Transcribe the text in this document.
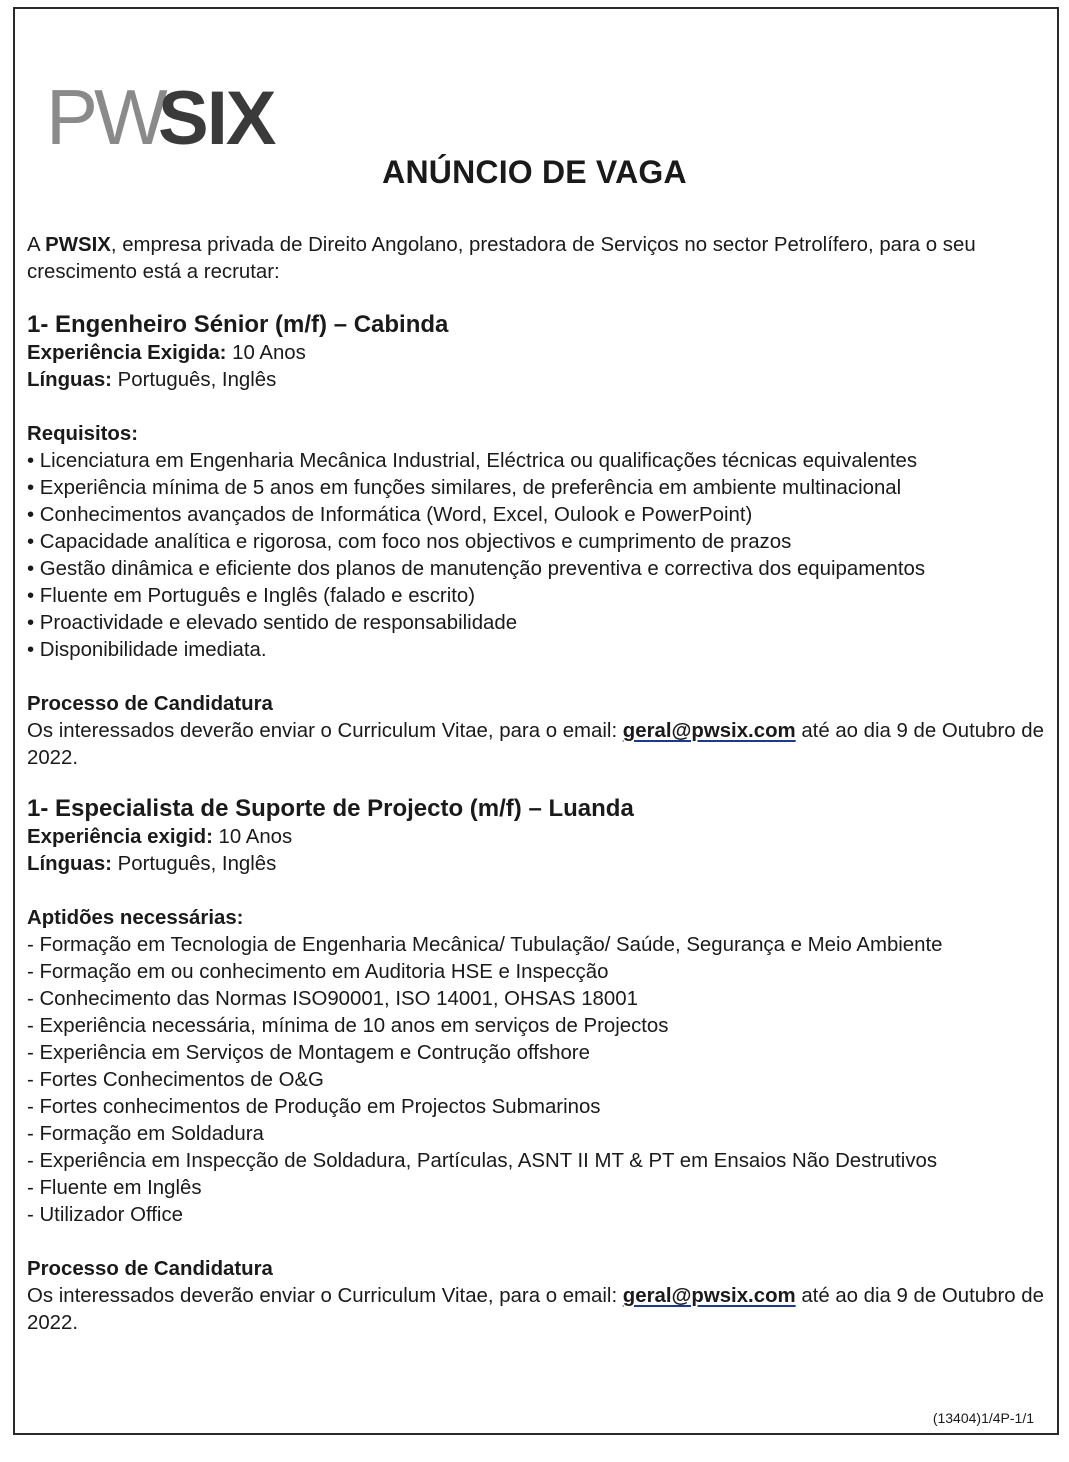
PW
SIX
ANÚNCIO DE VAGA

A PWSIX, empresa privada de Direito Angolano, prestadora de Serviços no sector Petrolífero, para o seu crescimento está a recrutar:

1- Engenheiro Sénior (m/f) – Cabinda

Experiência Exigida: 10 Anos

Línguas: Português, Inglês

Requisitos:

• Licenciatura em Engenharia Mecânica Industrial, Eléctrica ou qualificações técnicas equivalentes
• Experiência mínima de 5 anos em funções similares, de preferência em ambiente multinacional
• Conhecimentos avançados de Informática (Word, Excel, Oulook e PowerPoint)
• Capacidade analítica e rigorosa, com foco nos objectivos e cumprimento de prazos
• Gestão dinâmica e eficiente dos planos de manutenção preventiva e correctiva dos equipamentos
• Fluente em Português e Inglês (falado e escrito)
• Proactividade e elevado sentido de responsabilidade
• Disponibilidade imediata.

Processo de Candidatura

Os interessados deverão enviar o Curriculum Vitae, para o email: geral@pwsix.com até ao dia 9 de Outubro de 2022.

1- Especialista de Suporte de Projecto (m/f) – Luanda

Experiência exigid: 10 Anos

Línguas: Português, Inglês

Aptidões necessárias:

- Formação em Tecnologia de Engenharia Mecânica/ Tubulação/ Saúde, Segurança e Meio Ambiente
- Formação em ou conhecimento em Auditoria HSE e Inspecção
- Conhecimento das Normas ISO90001, ISO 14001, OHSAS 18001
- Experiência necessária, mínima de 10 anos em serviços de Projectos
- Experiência em Serviços de Montagem e Contrução offshore
- Fortes Conhecimentos de O&G
- Fortes conhecimentos de Produção em Projectos Submarinos
- Formação em Soldadura
- Experiência em Inspecção de Soldadura, Partículas, ASNT II MT & PT em Ensaios Não Destrutivos
- Fluente em Inglês
- Utilizador Office

Processo de Candidatura

Os interessados deverão enviar o Curriculum Vitae, para o email: geral@pwsix.com até ao dia 9 de Outubro de 2022.

(13404)1/4P-1/1
